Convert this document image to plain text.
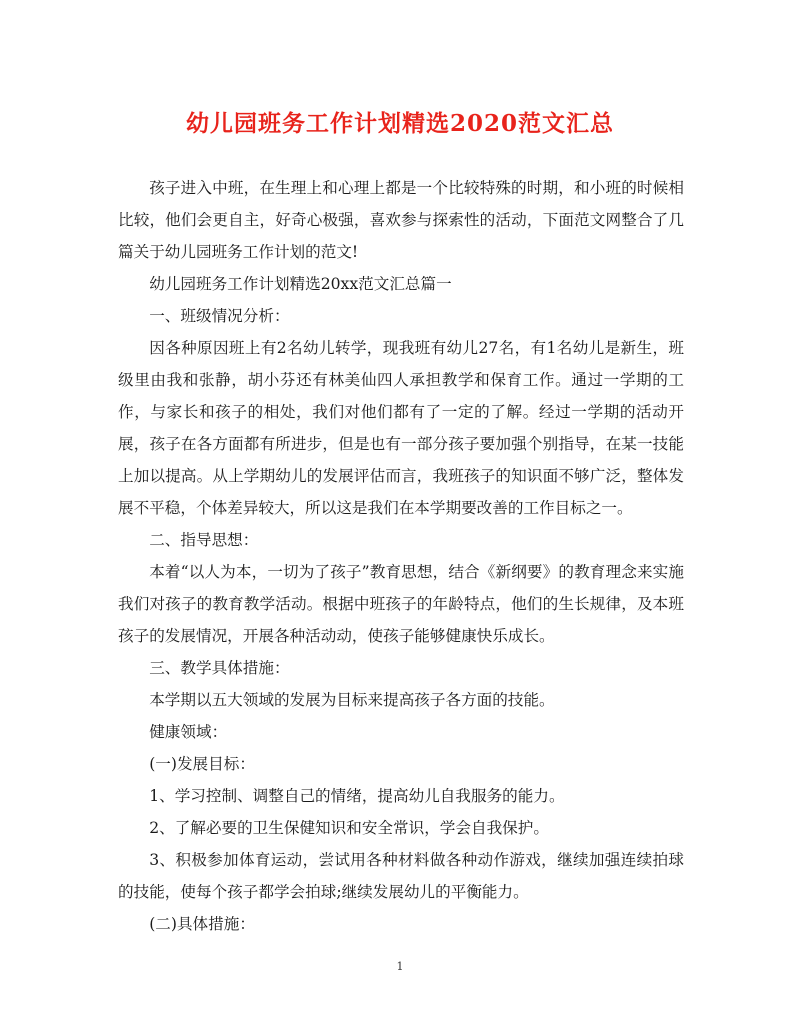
幼儿园班务工作计划精选2020范文汇总

孩子进入中班，在生理上和心理上都是一个比较特殊的时期，和小班的时候相比较，他们会更自主，好奇心极强，喜欢参与探索性的活动，下面范文网整合了几篇关于幼儿园班务工作计划的范文!

幼儿园班务工作计划精选20xx范文汇总篇一

一、班级情况分析：

因各种原因班上有2名幼儿转学，现我班有幼儿27名，有1名幼儿是新生，班级里由我和张静，胡小芬还有林美仙四人承担教学和保育工作。通过一学期的工作，与家长和孩子的相处，我们对他们都有了一定的了解。经过一学期的活动开展，孩子在各方面都有所进步，但是也有一部分孩子要加强个别指导，在某一技能上加以提高。从上学期幼儿的发展评估而言，我班孩子的知识面不够广泛，整体发展不平稳，个体差异较大，所以这是我们在本学期要改善的工作目标之一。

二、指导思想：

本着“以人为本，一切为了孩子”教育思想，结合《新纲要》的教育理念来实施我们对孩子的教育教学活动。根据中班孩子的年龄特点，他们的生长规律，及本班孩子的发展情况，开展各种活动动，使孩子能够健康快乐成长。

三、教学具体措施：

本学期以五大领域的发展为目标来提高孩子各方面的技能。

健康领域：

(一)发展目标：

1、学习控制、调整自己的情绪，提高幼儿自我服务的能力。

2、了解必要的卫生保健知识和安全常识，学会自我保护。

3、积极参加体育运动，尝试用各种材料做各种动作游戏，继续加强连续拍球的技能，使每个孩子都学会拍球;继续发展幼儿的平衡能力。

(二)具体措施：

1
